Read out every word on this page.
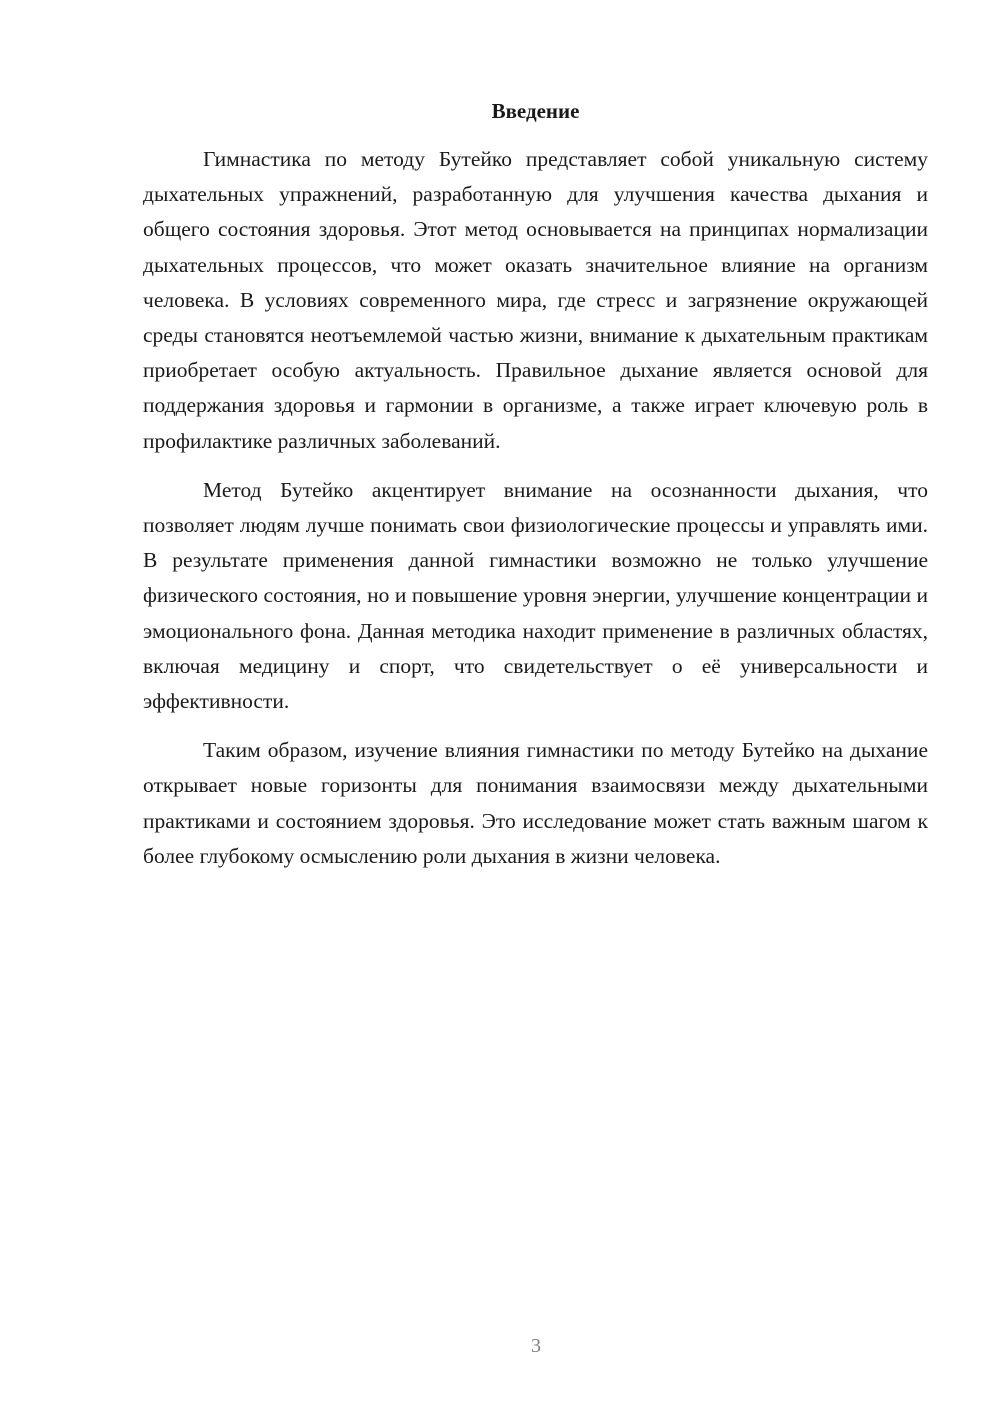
Введение

Гимнастика по методу Бутейко представляет собой уникальную систему дыхательных упражнений, разработанную для улучшения качества дыхания и общего состояния здоровья. Этот метод основывается на принципах нормализации дыхательных процессов, что может оказать значительное влияние на организм человека. В условиях современного мира, где стресс и загрязнение окружающей среды становятся неотъемлемой частью жизни, внимание к дыхательным практикам приобретает особую актуальность. Правильное дыхание является основой для поддержания здоровья и гармонии в организме, а также играет ключевую роль в профилактике различных заболеваний.

Метод Бутейко акцентирует внимание на осознанности дыхания, что позволяет людям лучше понимать свои физиологические процессы и управлять ими. В результате применения данной гимнастики возможно не только улучшение физического состояния, но и повышение уровня энергии, улучшение концентрации и эмоционального фона. Данная методика находит применение в различных областях, включая медицину и спорт, что свидетельствует о её универсальности и эффективности.

Таким образом, изучение влияния гимнастики по методу Бутейко на дыхание открывает новые горизонты для понимания взаимосвязи между дыхательными практиками и состоянием здоровья. Это исследование может стать важным шагом к более глубокому осмыслению роли дыхания в жизни человека.

3
